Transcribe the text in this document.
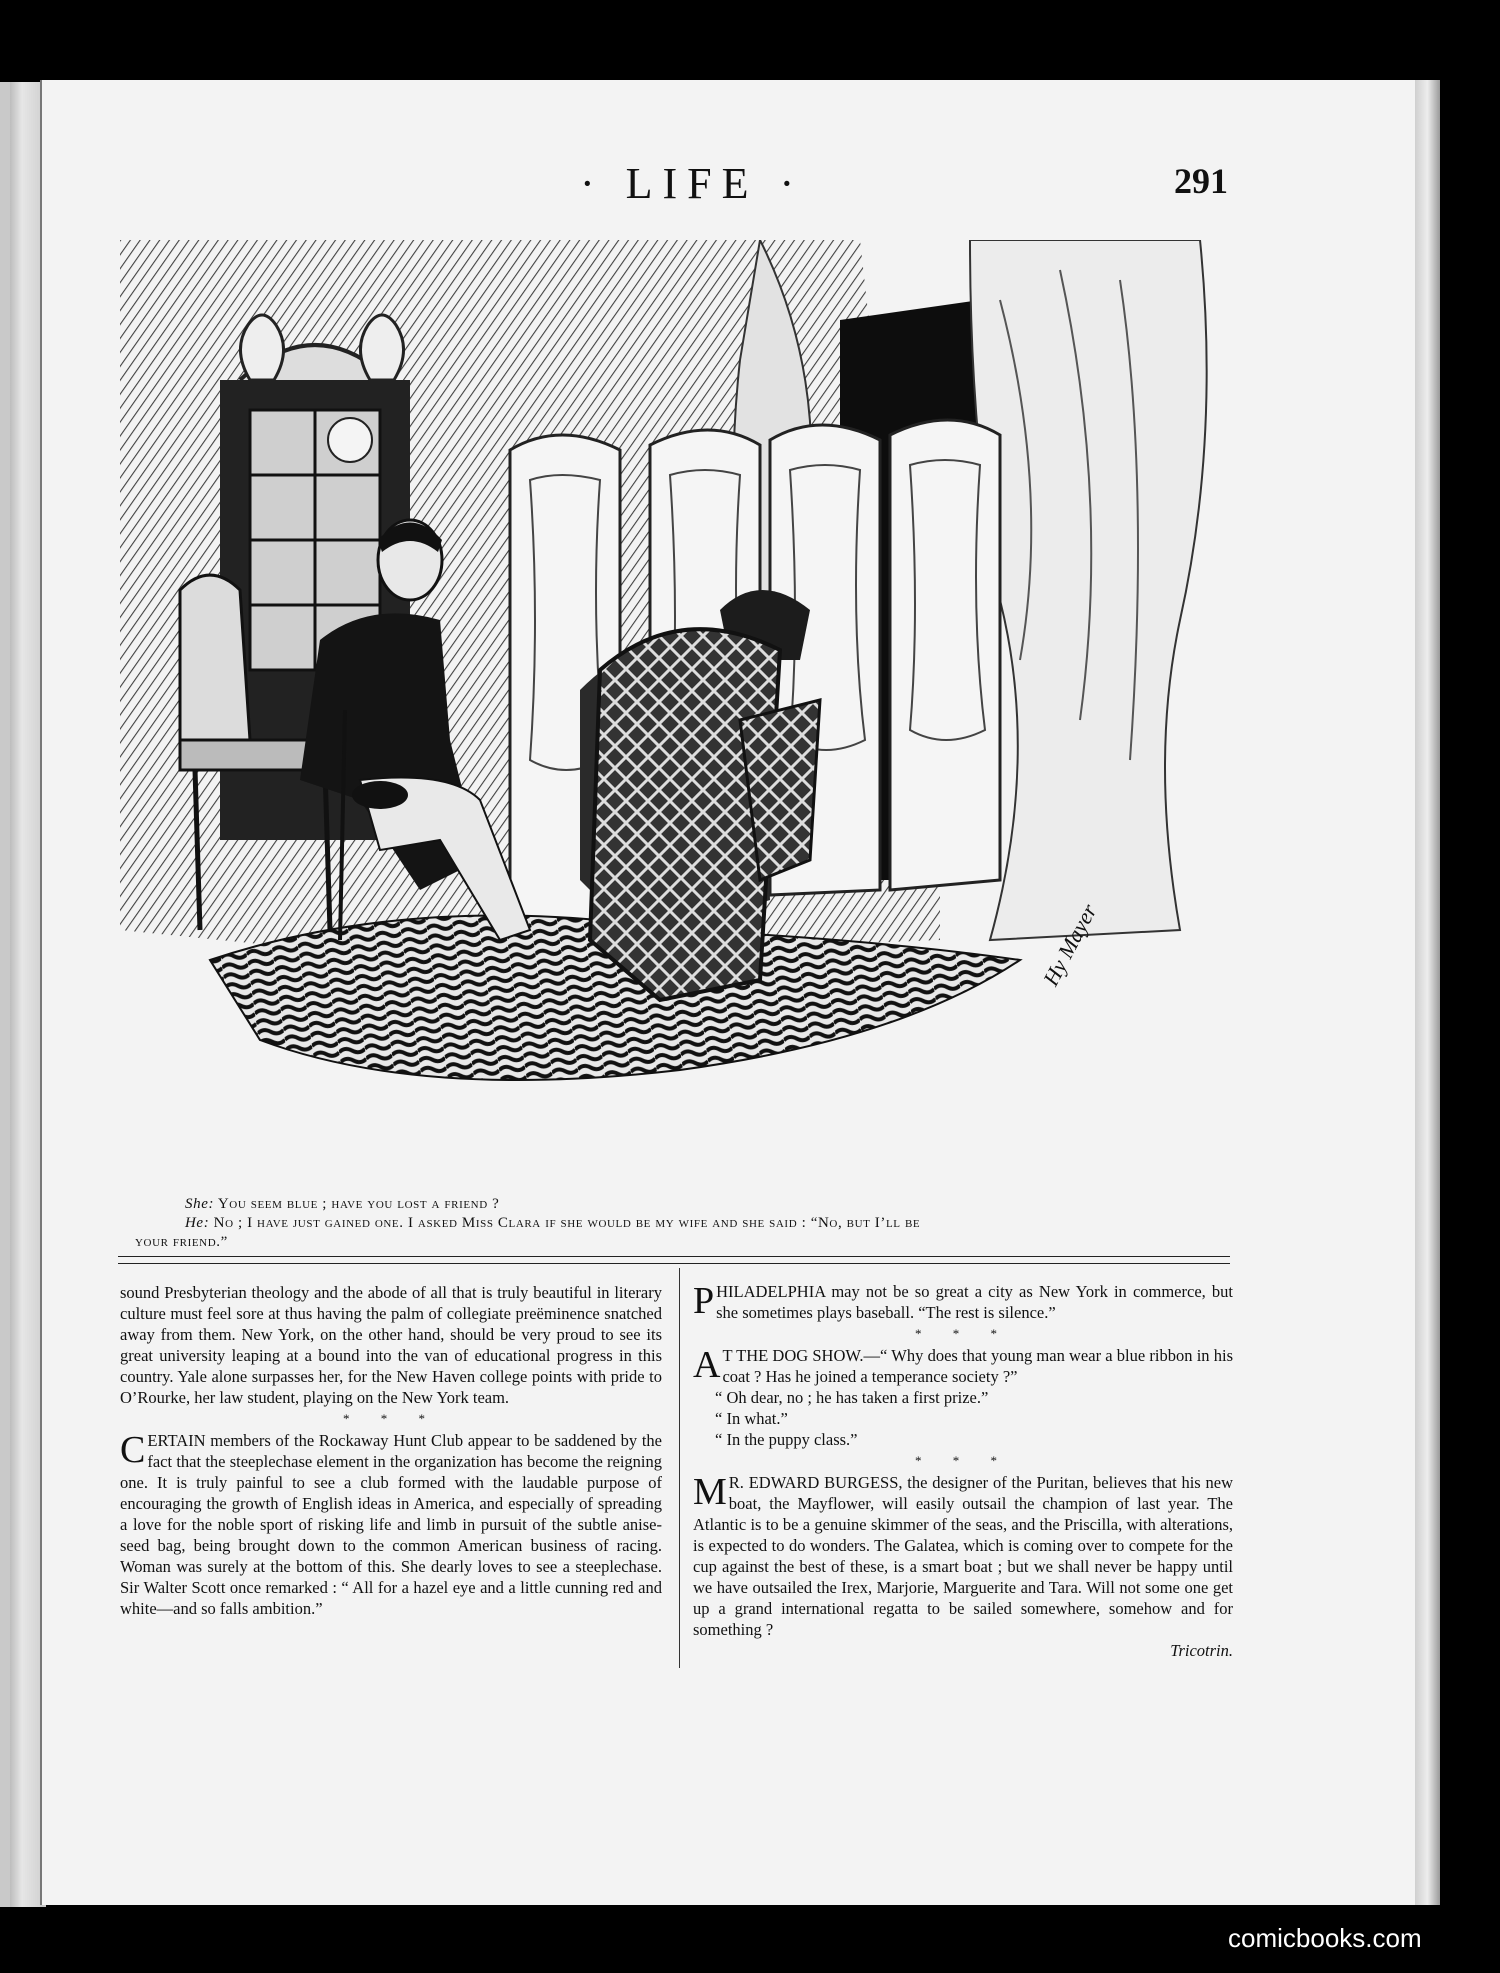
· LIFE ·	291
Hy Mayer
She: You seem blue ; have you lost a friend ?
He: No ; I have just gained one. I asked Miss Clara if she would be my wife and she said : “No, but I’ll be
your friend.”

sound Presbyterian theology and the abode of all that is truly beautiful in literary culture must feel sore at thus having the palm of collegiate preëminence snatched away from them. New York, on the other hand, should be very proud to see its great university leaping at a bound into the van of educational progress in this country. Yale alone surpasses her, for the New Haven college points with pride to O’Rourke, her law student, playing on the New York team.

* * *

CERTAIN members of the Rockaway Hunt Club appear to be saddened by the fact that the steeplechase element in the organization has become the reigning one. It is truly painful to see a club formed with the laudable purpose of encouraging the growth of English ideas in America, and especially of spreading a love for the noble sport of risking life and limb in pursuit of the subtle anise-seed bag, being brought down to the common American business of racing. Woman was surely at the bottom of this. She dearly loves to see a steeplechase. Sir Walter Scott once remarked : “ All for a hazel eye and a little cunning red and white—and so falls ambition.”

PHILADELPHIA may not be so great a city as New York in commerce, but she sometimes plays baseball. “The rest is silence.”

* * *

A T THE DOG SHOW.—“ Why does that young man wear a blue ribbon in his coat ? Has he joined a temperance society ?”

“ Oh dear, no ; he has taken a first prize.”

“ In what.”

“ In the puppy class.”

* * *

M R. EDWARD BURGESS, the designer of the Puritan, believes that his new boat, the Mayflower, will easily outsail the champion of last year. The Atlantic is to be a genuine skimmer of the seas, and the Priscilla, with alterations, is expected to do wonders. The Galatea, which is coming over to compete for the cup against the best of these, is a smart boat ; but we shall never be happy until we have outsailed the Irex, Marjorie, Marguerite and Tara. Will not some one get up a grand international regatta to be sailed somewhere, somehow and for something ?

Tricotrin.

comicbooks.com
